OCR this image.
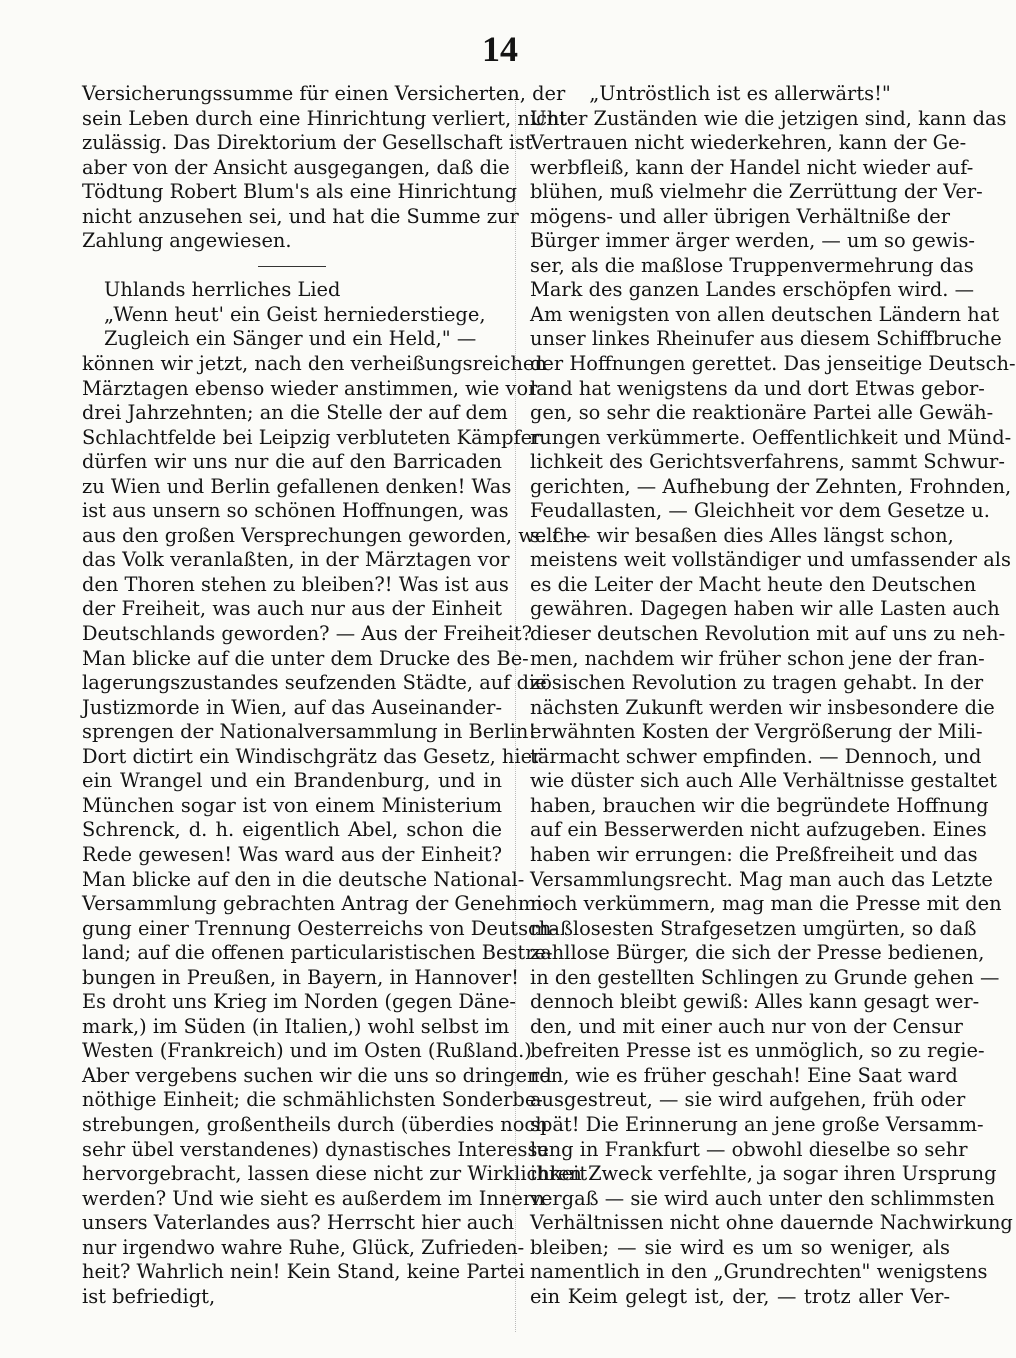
14
Versicherungssumme für einen Versicherten, der
sein Leben durch eine Hinrichtung verliert, nicht
zulässig. Das Direktorium der Gesellschaft ist
aber von der Ansicht ausgegangen, daß die
Tödtung Robert Blum's als eine Hinrichtung
nicht anzusehen sei, und hat die Summe zur
Zahlung angewiesen.
Uhlands herrliches Lied
„Wenn heut' ein Geist herniederstiege,
Zugleich ein Sänger und ein Held," —
können wir jetzt, nach den verheißungsreichen
Märztagen ebenso wieder anstimmen, wie vor
drei Jahrzehnten; an die Stelle der auf dem
Schlachtfelde bei Leipzig verbluteten Kämpfer
dürfen wir uns nur die auf den Barricaden
zu Wien und Berlin gefallenen denken! Was
ist aus unsern so schönen Hoffnungen, was
aus den großen Versprechungen geworden, welche
das Volk veranlaßten, in der Märztagen vor
den Thoren stehen zu bleiben?! Was ist aus
der Freiheit, was auch nur aus der Einheit
Deutschlands geworden? — Aus der Freiheit?
Man blicke auf die unter dem Drucke des Be-
lagerungszustandes seufzenden Städte, auf die
Justizmorde in Wien, auf das Auseinander-
sprengen der Nationalversammlung in Berlin!
Dort dictirt ein Windischgrätz das Gesetz, hier
ein Wrangel und ein Brandenburg, und in
München sogar ist von einem Ministerium
Schrenck, d. h. eigentlich Abel, schon die
Rede gewesen! Was ward aus der Einheit?
Man blicke auf den in die deutsche National-
Versammlung gebrachten Antrag der Genehmi-
gung einer Trennung Oesterreichs von Deutsch-
land; auf die offenen particularistischen Bestre-
bungen in Preußen, in Bayern, in Hannover!
Es droht uns Krieg im Norden (gegen Däne-
mark,) im Süden (in Italien,) wohl selbst im
Westen (Frankreich) und im Osten (Rußland.)
Aber vergebens suchen wir die uns so dringend
nöthige Einheit; die schmählichsten Sonderbe-
strebungen, großentheils durch (überdies noch
sehr übel verstandenes) dynastisches Interesse
hervorgebracht, lassen diese nicht zur Wirklichkeit
werden? Und wie sieht es außerdem im Innern
unsers Vaterlandes aus? Herrscht hier auch
nur irgendwo wahre Ruhe, Glück, Zufrieden-
heit? Wahrlich nein! Kein Stand, keine Partei
ist befriedigt,
„Untröstlich ist es allerwärts!"
Unter Zuständen wie die jetzigen sind, kann das
Vertrauen nicht wiederkehren, kann der Ge-
werbfleiß, kann der Handel nicht wieder auf-
blühen, muß vielmehr die Zerrüttung der Ver-
mögens- und aller übrigen Verhältniße der
Bürger immer ärger werden, — um so gewis-
ser, als die maßlose Truppenvermehrung das
Mark des ganzen Landes erschöpfen wird. —
Am wenigsten von allen deutschen Ländern hat
unser linkes Rheinufer aus diesem Schiffbruche
der Hoffnungen gerettet. Das jenseitige Deutsch-
land hat wenigstens da und dort Etwas gebor-
gen, so sehr die reaktionäre Partei alle Gewäh-
rungen verkümmerte. Oeffentlichkeit und Münd-
lichkeit des Gerichtsverfahrens, sammt Schwur-
gerichten, — Aufhebung der Zehnten, Frohnden,
Feudallasten, — Gleichheit vor dem Gesetze u.
s. f. — wir besaßen dies Alles längst schon,
meistens weit vollständiger und umfassender als
es die Leiter der Macht heute den Deutschen
gewähren. Dagegen haben wir alle Lasten auch
dieser deutschen Revolution mit auf uns zu neh-
men, nachdem wir früher schon jene der fran-
zösischen Revolution zu tragen gehabt. In der
nächsten Zukunft werden wir insbesondere die
erwähnten Kosten der Vergrößerung der Mili-
tärmacht schwer empfinden. — Dennoch, und
wie düster sich auch Alle Verhältnisse gestaltet
haben, brauchen wir die begründete Hoffnung
auf ein Besserwerden nicht aufzugeben. Eines
haben wir errungen: die Preßfreiheit und das
Versammlungsrecht. Mag man auch das Letzte
noch verkümmern, mag man die Presse mit den
maßlosesten Strafgesetzen umgürten, so daß
zahllose Bürger, die sich der Presse bedienen,
in den gestellten Schlingen zu Grunde gehen —
dennoch bleibt gewiß: Alles kann gesagt wer-
den, und mit einer auch nur von der Censur
befreiten Presse ist es unmöglich, so zu regie-
ren, wie es früher geschah! Eine Saat ward
ausgestreut, — sie wird aufgehen, früh oder
spät! Die Erinnerung an jene große Versamm-
lung in Frankfurt — obwohl dieselbe so sehr
ihren Zweck verfehlte, ja sogar ihren Ursprung
vergaß — sie wird auch unter den schlimmsten
Verhältnissen nicht ohne dauernde Nachwirkung
bleiben; — sie wird es um so weniger, als
namentlich in den „Grundrechten" wenigstens
ein Keim gelegt ist, der, — trotz aller Ver-
